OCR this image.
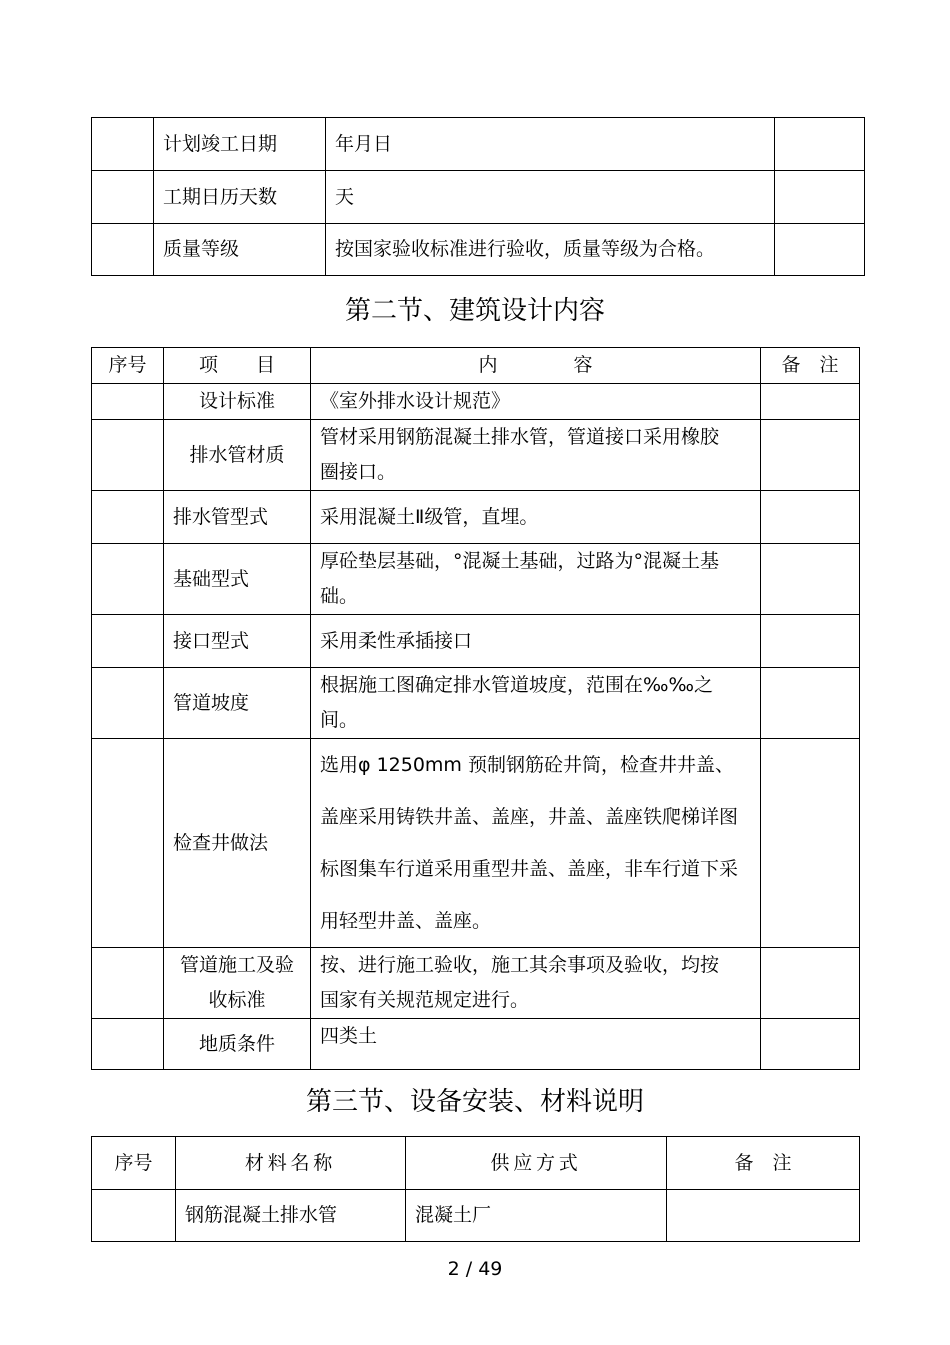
	计划竣工日期	年月日	
	工期日历天数	天	
	质量等级	按国家验收标准进行验收，质量等级为合格。	
第二节、建筑设计内容
序号	项　　目	内　　　　容	备　注
	设计标准	《室外排水设计规范》	
	排水管材质	管材采用钢筋混凝土排水管，管道接口采用橡胶圈接口。	
	排水管型式	采用混凝土Ⅱ级管，直埋。	
	基础型式	厚砼垫层基础，°混凝土基础，过路为°混凝土基础。	
	接口型式	采用柔性承插接口	
	管道坡度	根据施工图确定排水管道坡度，范围在‰‰之间。	
	检查井做法	选用φ 1250mm 预制钢筋砼井筒，检查井井盖、盖座采用铸铁井盖、盖座，井盖、盖座铁爬梯详图标图集车行道采用重型井盖、盖座，非车行道下采用轻型井盖、盖座。	
	管道施工及验收标准	按、进行施工验收，施工其余事项及验收，均按国家有关规范规定进行。	
	地质条件	四类土	
第三节、设备安装、材料说明
序号	材料名称	供应方式	备　注
	钢筋混凝土排水管	混凝土厂	
2 / 49
